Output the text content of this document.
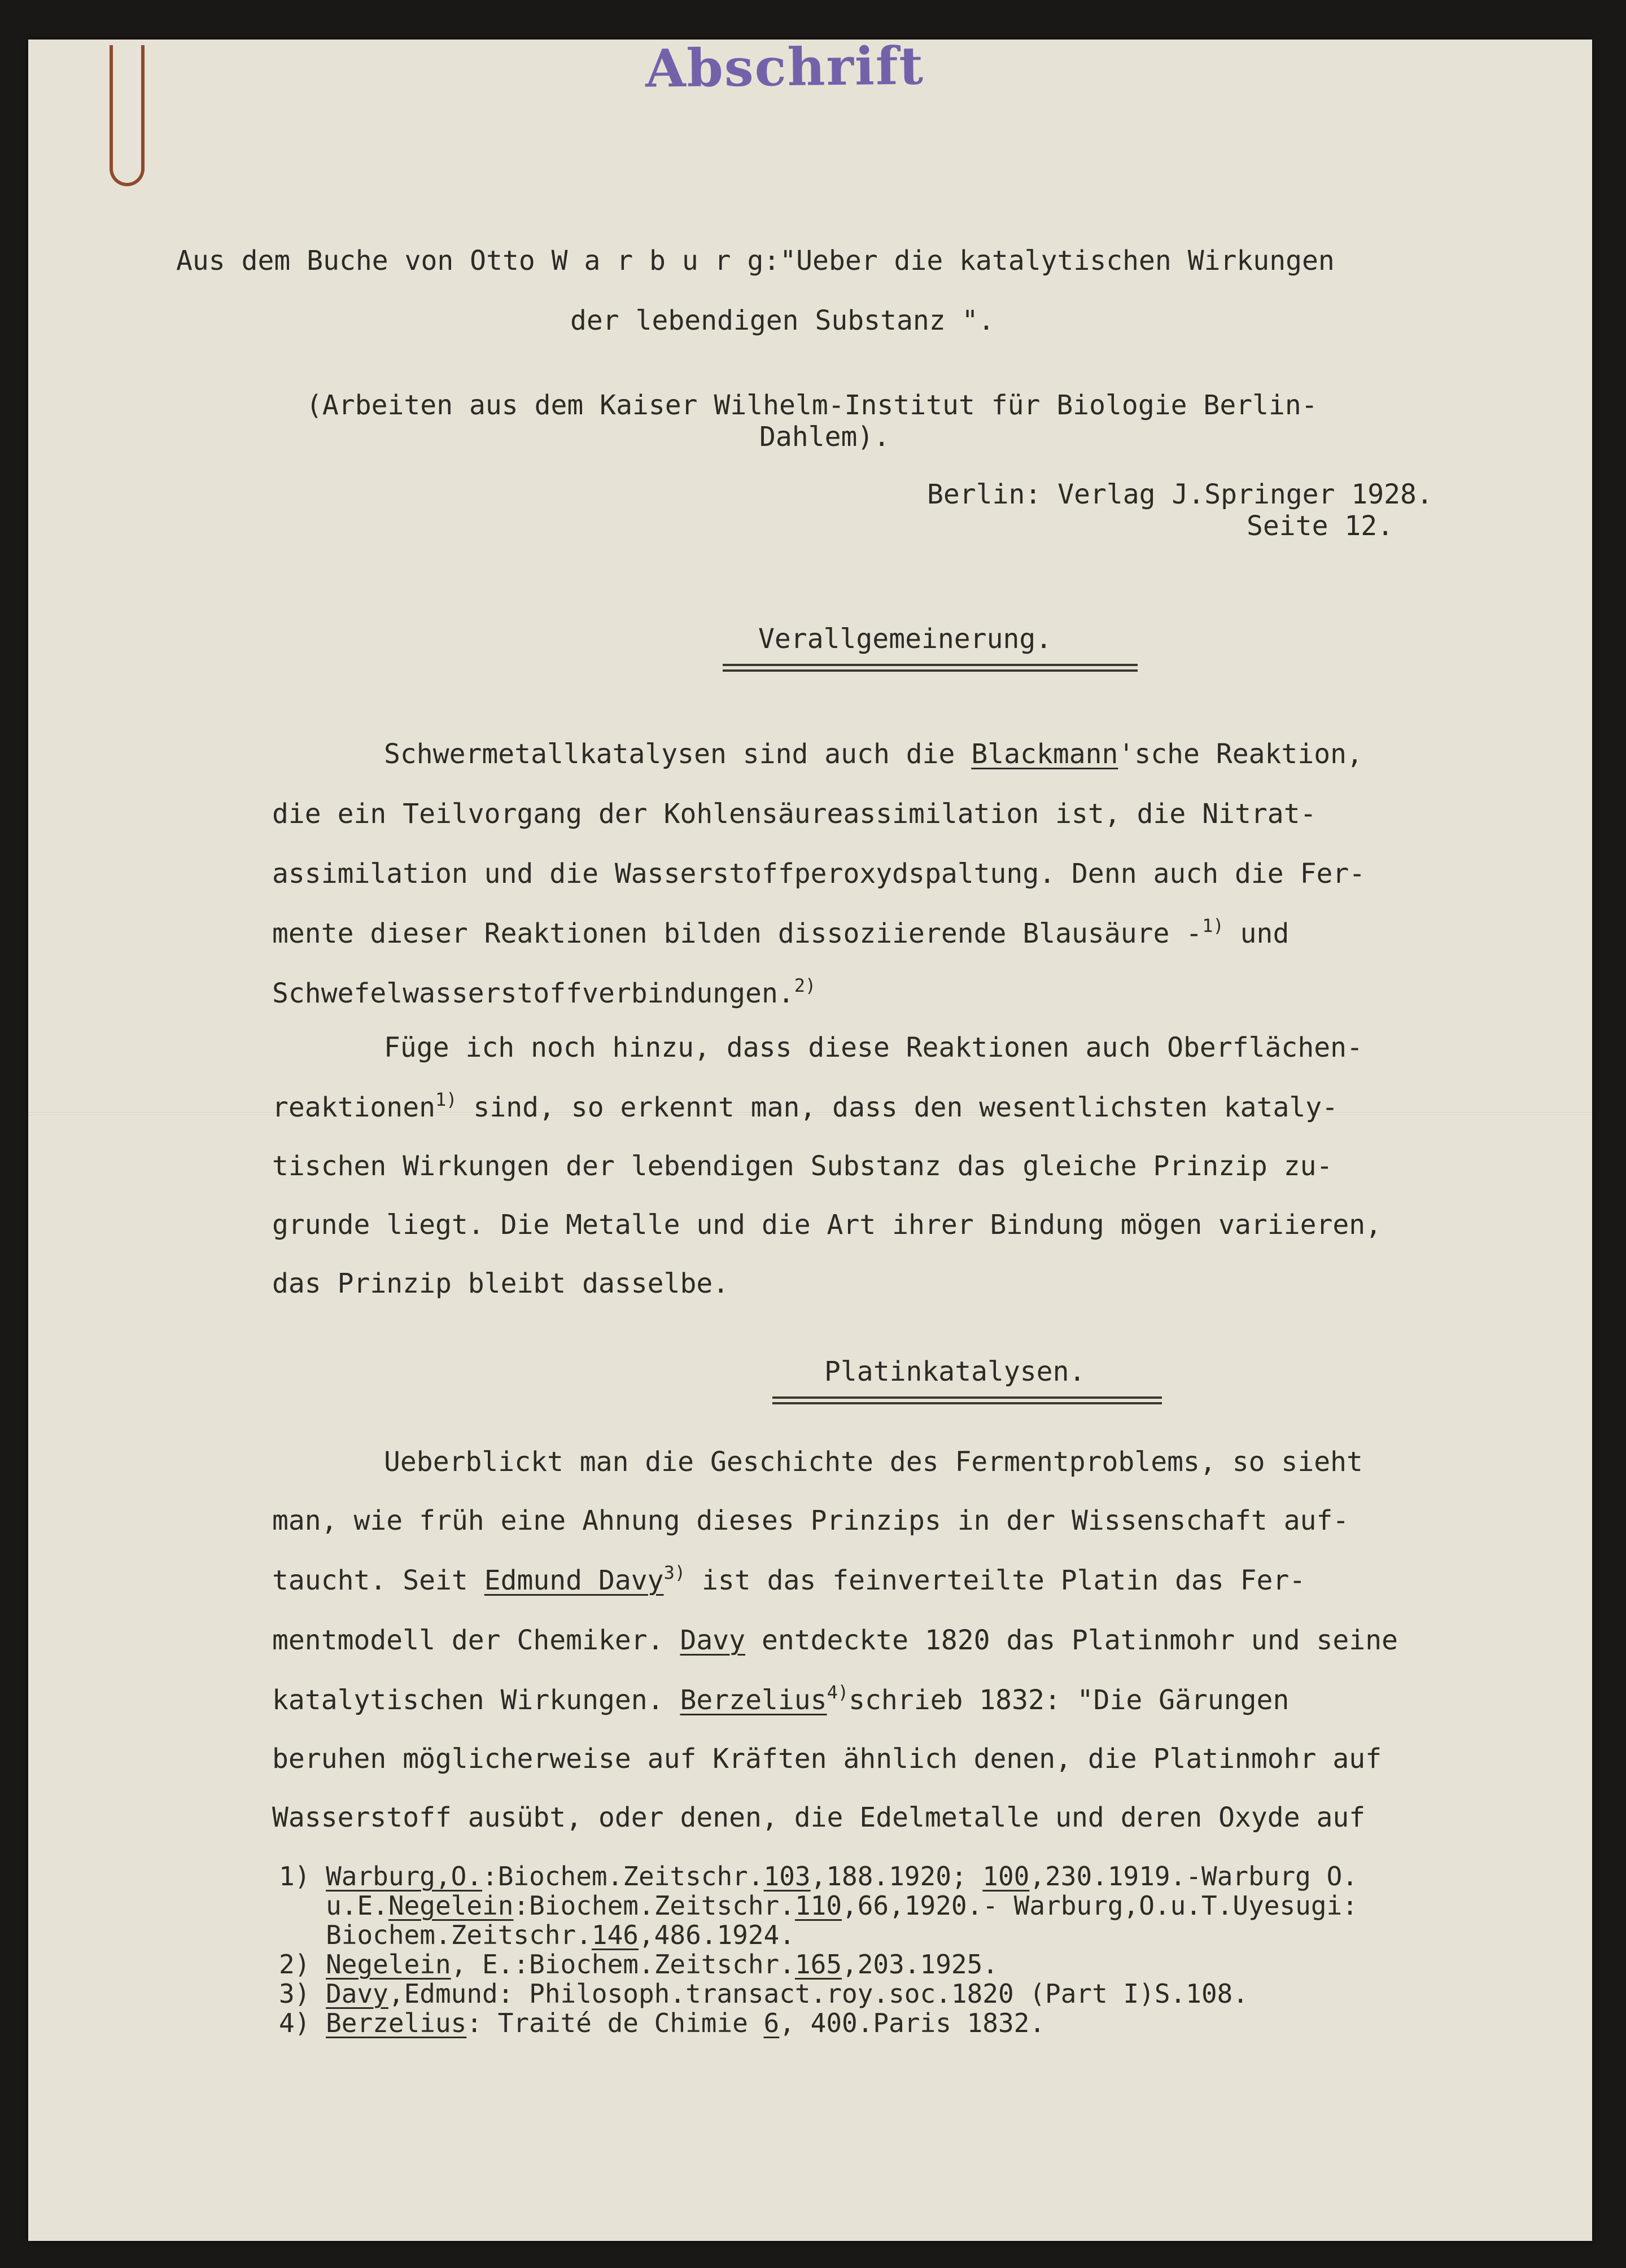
Abschrift
Aus dem Buche von Otto W a r b u r g:"Ueber die katalytischen Wirkungen
der lebendigen Substanz ".
(Arbeiten aus dem Kaiser Wilhelm-Institut für Biologie Berlin-
Dahlem).
Berlin: Verlag J.Springer 1928.
Seite 12.
Verallgemeinerung.
Schwermetallkatalysen sind auch die Blackmann'sche Reaktion,
die ein Teilvorgang der Kohlensäureassimilation ist, die Nitrat-
assimilation und die Wasserstoffperoxydspaltung. Denn auch die Fer-
mente dieser Reaktionen bilden dissoziierende Blausäure -$^{1)}$ und
Schwefelwasserstoffverbindungen.$^{2)}$
Füge ich noch hinzu, dass diese Reaktionen auch Oberflächen-
reaktionen$^{1)}$ sind, so erkennt man, dass den wesentlichsten kataly-
tischen Wirkungen der lebendigen Substanz das gleiche Prinzip zu-
grunde liegt. Die Metalle und die Art ihrer Bindung mögen variieren,
das Prinzip bleibt dasselbe.
Platinkatalysen.
Ueberblickt man die Geschichte des Fermentproblems, so sieht
man, wie früh eine Ahnung dieses Prinzips in der Wissenschaft auf-
taucht. Seit Edmund Davy$^{3)}$ ist das feinverteilte Platin das Fer-
mentmodell der Chemiker. Davy entdeckte 1820 das Platinmohr und seine
katalytischen Wirkungen. Berzelius$^{4)}$schrieb 1832: "Die Gärungen
beruhen möglicherweise auf Kräften ähnlich denen, die Platinmohr auf
Wasserstoff ausübt, oder denen, die Edelmetalle und deren Oxyde auf
1) Warburg,O.:Biochem.Zeitschr.103,188.1920; 100,230.1919.-Warburg O.
u.E.Negelein:Biochem.Zeitschr.110,66,1920.- Warburg,O.u.T.Uyesugi:
Biochem.Zeitschr.146,486.1924.
2) Negelein, E.:Biochem.Zeitschr.165,203.1925.
3) Davy,Edmund: Philosoph.transact.roy.soc.1820 (Part I)S.108.
4) Berzelius: Traité de Chimie 6, 400.Paris 1832.
